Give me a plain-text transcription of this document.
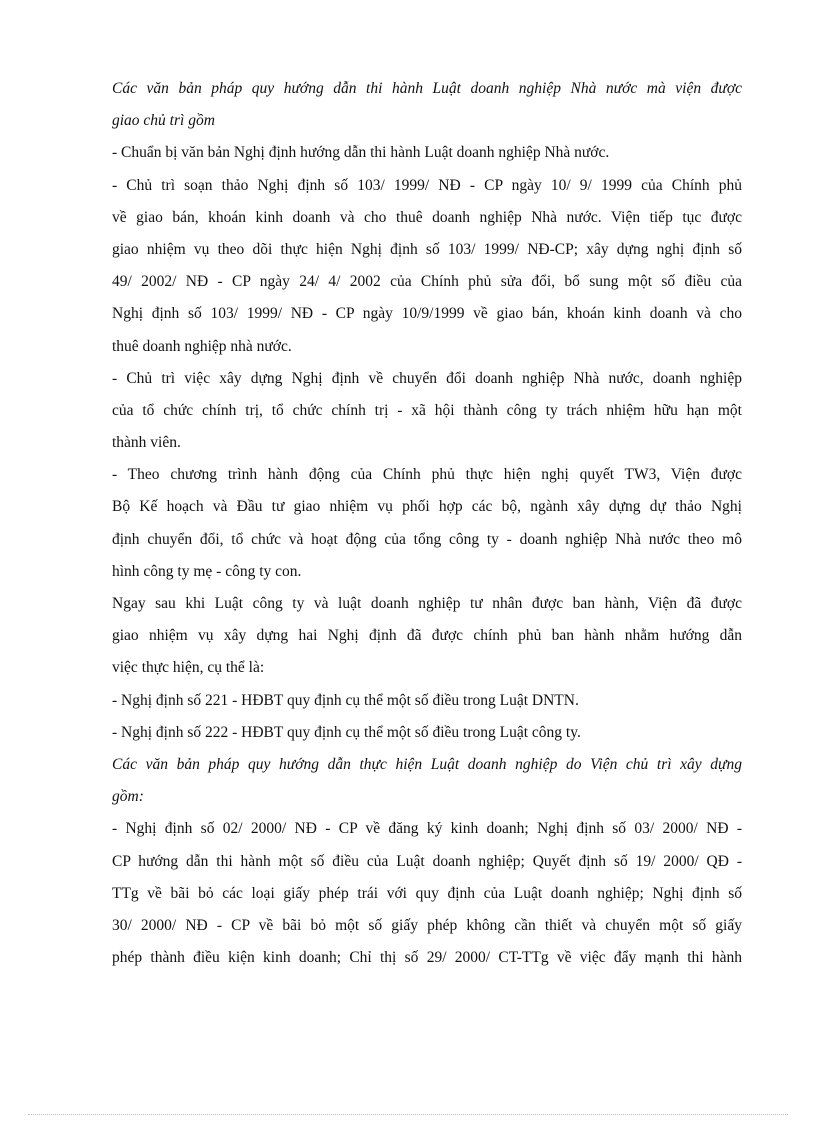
Các văn bản pháp quy hướng dẫn thi hành Luật doanh nghiệp Nhà nước mà viện được
giao chủ trì gồm
- Chuẩn bị văn bản Nghị định hướng dẫn thi hành Luật doanh nghiệp Nhà nước.
- Chủ trì soạn thảo Nghị định số 103/ 1999/ NĐ - CP ngày 10/ 9/ 1999 của Chính phủ
về giao bán, khoán kinh doanh và cho thuê doanh nghiệp Nhà nước. Viện tiếp tục được
giao nhiệm vụ theo dõi thực hiện Nghị định số 103/ 1999/ NĐ-CP; xây dựng nghị định số
49/ 2002/ NĐ - CP ngày 24/ 4/ 2002 của Chính phủ sửa đổi, bổ sung một số điều của
Nghị định số 103/ 1999/ NĐ - CP ngày 10/9/1999 về giao bán, khoán kinh doanh và cho
thuê doanh nghiệp nhà nước.
- Chủ trì việc xây dựng Nghị định về chuyển đổi doanh nghiệp Nhà nước, doanh nghiệp
của tổ chức chính trị, tổ chức chính trị - xã hội thành công ty trách nhiệm hữu hạn một
thành viên.
- Theo chương trình hành động của Chính phủ thực hiện nghị quyết TW3, Viện được
Bộ Kế hoạch và Đầu tư giao nhiệm vụ phối hợp các bộ, ngành xây dựng dự thảo Nghị
định chuyển đổi, tổ chức và hoạt động của tổng công ty - doanh nghiệp Nhà nước theo mô
hình công ty mẹ - công ty con.
Ngay sau khi Luật công ty và luật doanh nghiệp tư nhân được ban hành, Viện đã được
giao nhiệm vụ xây dựng hai Nghị định đã được chính phủ ban hành nhằm hướng dẫn
việc thực hiện, cụ thể là:
- Nghị định số 221 - HĐBT quy định cụ thể một số điều trong Luật DNTN.
- Nghị định số 222 - HĐBT quy định cụ thể một số điều trong Luật công ty.
Các văn bản pháp quy hướng dẫn thực hiện Luật doanh nghiệp do Viện chủ trì xây dựng
gồm:
- Nghị định số 02/ 2000/ NĐ - CP về đăng ký kinh doanh; Nghị định số 03/ 2000/ NĐ -
CP hướng dẫn thi hành một số điều của Luật doanh nghiệp; Quyết định số 19/ 2000/ QĐ -
TTg về bãi bỏ các loại giấy phép trái với quy định của Luật doanh nghiệp; Nghị định số
30/ 2000/ NĐ - CP về bãi bỏ một số giấy phép không cần thiết và chuyển một số giấy
phép thành điều kiện kinh doanh; Chỉ thị số 29/ 2000/ CT-TTg về việc đẩy mạnh thi hành
